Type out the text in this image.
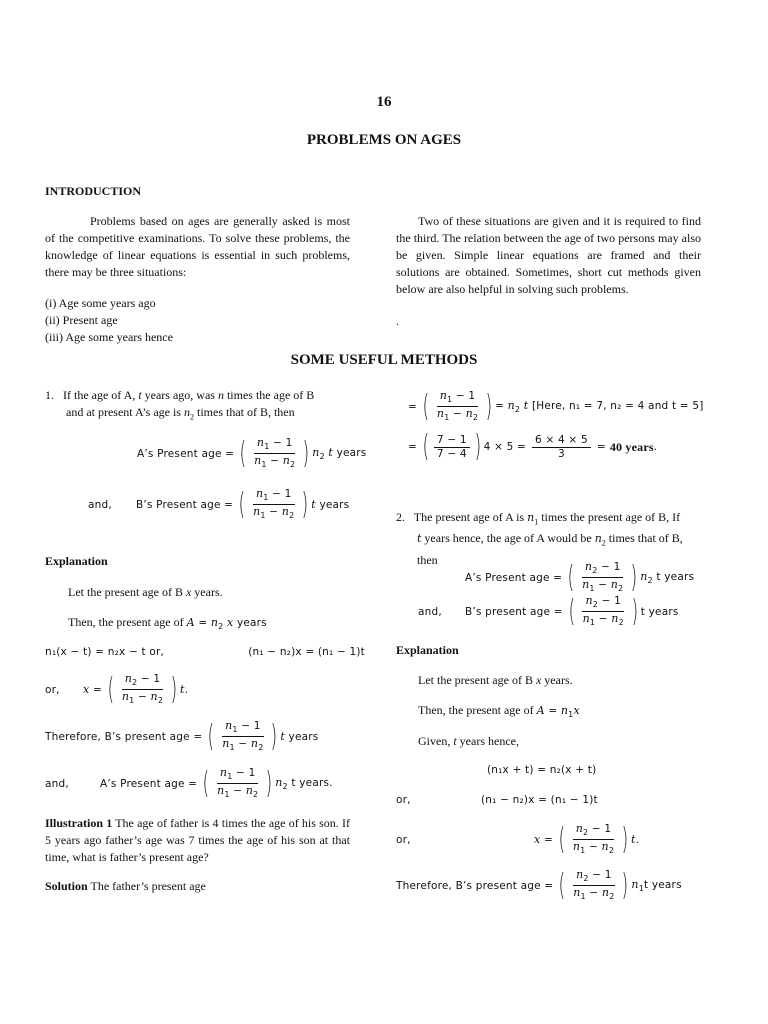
16
PROBLEMS ON AGES
INTRODUCTION
Problems based on ages are generally asked is most of the competitive examinations. To solve these problems, the knowledge of linear equations is essential in such problems, there may be three situations:
(i) Age some years ago
(ii) Present age
(iii) Age some years hence
Two of these situations are given and it is required to find the third. The relation between the age of two persons may also be given. Simple linear equations are framed and their solutions are obtained. Sometimes, short cut methods given below are also helpful in solving such problems.
.
SOME USEFUL METHODS
1. If the age of A, t years ago, was n times the age of B
and at present A’s age is $n_2$ times that of B, then
A’s Present age = ( $\frac{n_1 - 1}{n_1 - n_2}$ ) $n_2$ t years
and,	B’s Present age = ( $\frac{n_1 - 1}{n_1 - n_2}$ ) t years
Explanation
Let the present age of B x years.
Then, the present age of $A = n_2$ x years
n₁(x − t) = n₂x − t or,	(n₁ − n₂)x = (n₁ − 1)t
or,	x = ( $\frac{n_2 - 1}{n_1 - n_2}$ ) t.
Therefore, B’s present age = ( $\frac{n_1 - 1}{n_1 - n_2}$ ) t years
and,	A’s Present age = ( $\frac{n_1 - 1}{n_1 - n_2}$ ) $n_2$ t years.
Illustration 1 The age of father is 4 times the age of his son. If 5 years ago father’s age was 7 times the age of his son at that time, what is father’s present age?
Solution The father’s present age
= ( $\frac{n_1 - 1}{n_1 - n_2}$ ) = $n_2$ t [Here, n₁ = 7, n₂ = 4 and t = 5]
= ( $\frac{7 - 1}{7 - 4}$ ) $4 \times 5 = \frac{6 \times 4 \times 5}{3} = 40$ years .
2. The present age of A is $n_1$ times the present age of B, If
t years hence, the age of A would be $n_2$ times that of B,
then
A’s Present age = ( $\frac{n_2 - 1}{n_1 - n_2}$ ) $n_2$ t years
and,	B’s present age = ( $\frac{n_2 - 1}{n_1 - n_2}$ ) t years
Explanation
Let the present age of B x years.
Then, the present age of $A = n_1x$
Given, t years hence,
(n₁x + t) = n₂(x + t)
or,	(n₁ − n₂)x = (n₁ − 1)t
or,	x = ( $\frac{n_2 - 1}{n_1 - n_2}$ ) t.
Therefore, B’s present age = ( $\frac{n_2 - 1}{n_1 - n_2}$ ) $n_1t$ years
